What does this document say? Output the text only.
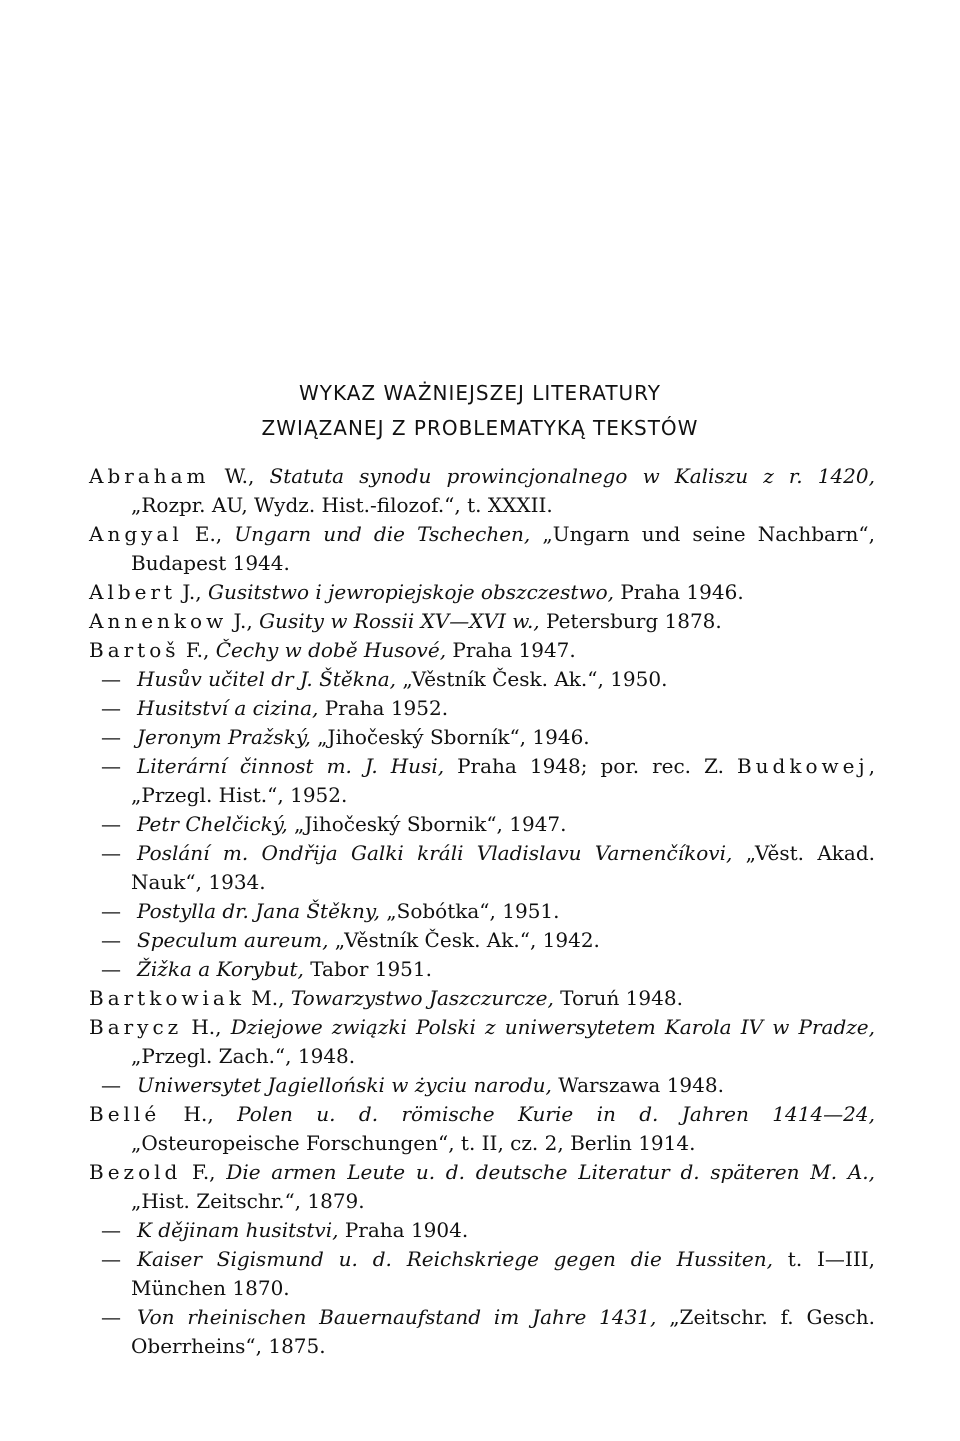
WYKAZ WAŻNIEJSZEJ LITERATURY
ZWIĄZANEJ Z PROBLEMATYKĄ TEKSTÓW

Abraham W., Statuta synodu prowincjonalnego w Kaliszu z r. 1420, „Rozpr. AU, Wydz. Hist.-filozof.“, t. XXXII.

Angyal E., Ungarn und die Tschechen, „Ungarn und seine Nachbarn“, Budapest 1944.

Albert J., Gusitstwo i jewropiejskoje obszczestwo, Praha 1946.

Annenkow J., Gusity w Rossii XV—XVI w., Petersburg 1878.

Bartoš F., Čechy w době Husové, Praha 1947.

— Husův učitel dr J. Štěkna, „Věstník Česk. Ak.“, 1950.

— Husitství a cizina, Praha 1952.

— Jeronym Pražský, „Jihočeský Sborník“, 1946.

— Literární činnost m. J. Husi, Praha 1948; por. rec. Z. Budkowej, „Przegl. Hist.“, 1952.

— Petr Chelčický, „Jihočeský Sbornik“, 1947.

— Poslání m. Ondřija Galki králi Vladislavu Varnenčíkovi, „Věst. Akad. Nauk“, 1934.

— Postylla dr. Jana Štěkny, „Sobótka“, 1951.

— Speculum aureum, „Věstník Česk. Ak.“, 1942.

— Žižka a Korybut, Tabor 1951.

Bartkowiak M., Towarzystwo Jaszczurcze, Toruń 1948.

Barycz H., Dziejowe związki Polski z uniwersytetem Karola IV w Pradze, „Przegl. Zach.“, 1948.

— Uniwersytet Jagielloński w życiu narodu, Warszawa 1948.

Bellé H., Polen u. d. römische Kurie in d. Jahren 1414—24, „Osteuropeische Forschungen“, t. II, cz. 2, Berlin 1914.

Bezold F., Die armen Leute u. d. deutsche Literatur d. späteren M. A., „Hist. Zeitschr.“, 1879.

— K dějinam husitstvi, Praha 1904.

— Kaiser Sigismund u. d. Reichskriege gegen die Hussiten, t. I—III, München 1870.

— Von rheinischen Bauernaufstand im Jahre 1431, „Zeitschr. f. Gesch. Oberrheins“, 1875.
